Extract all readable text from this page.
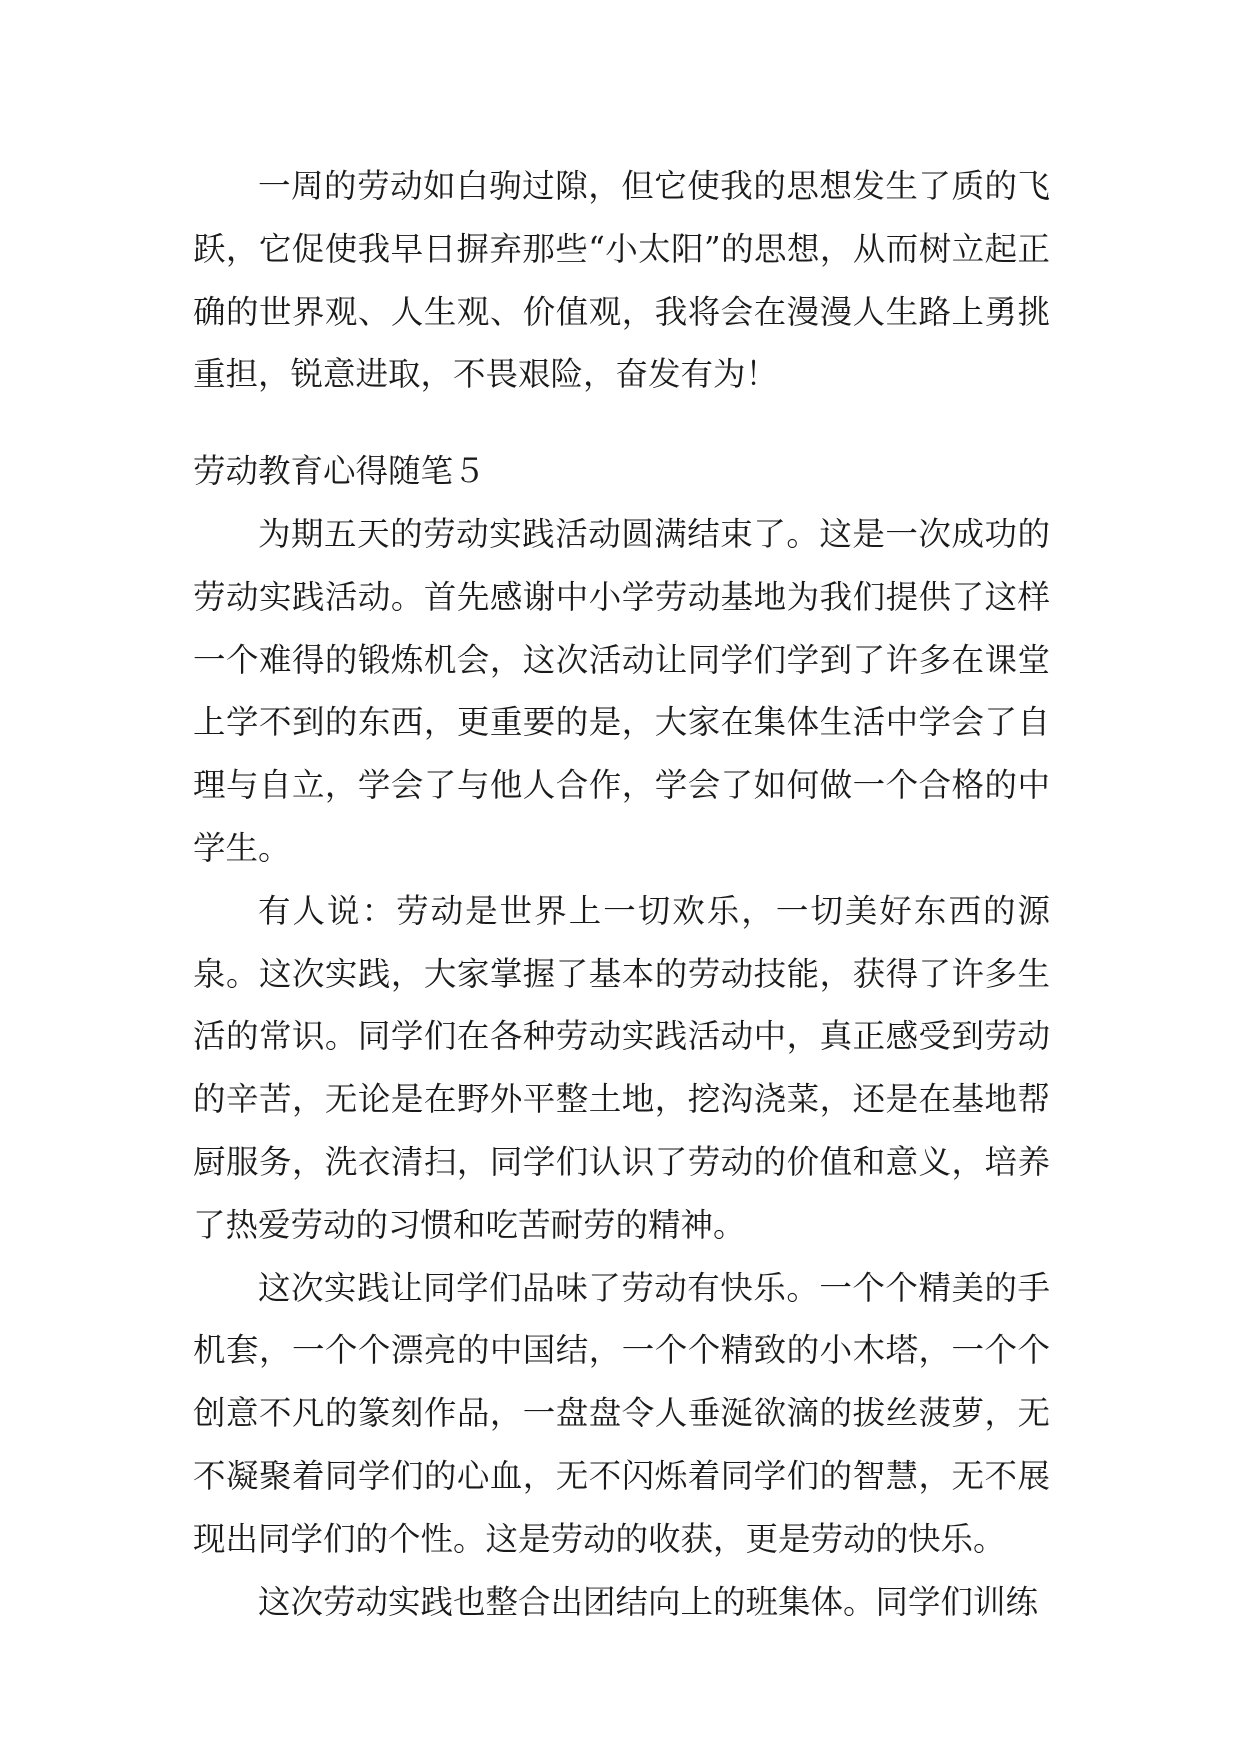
一周的劳动如白驹过隙，但它使我的思想发生了质的飞跃，它促使我早日摒弃那些“小太阳”的思想，从而树立起正确的世界观、人生观、价值观，我将会在漫漫人生路上勇挑重担，锐意进取，不畏艰险，奋发有为！

劳动教育心得随笔５

为期五天的劳动实践活动圆满结束了。这是一次成功的劳动实践活动。首先感谢中小学劳动基地为我们提供了这样一个难得的锻炼机会，这次活动让同学们学到了许多在课堂上学不到的东西，更重要的是，大家在集体生活中学会了自理与自立，学会了与他人合作，学会了如何做一个合格的中学生。

有人说：劳动是世界上一切欢乐，一切美好东西的源泉。这次实践，大家掌握了基本的劳动技能，获得了许多生活的常识。同学们在各种劳动实践活动中，真正感受到劳动的辛苦，无论是在野外平整土地，挖沟浇菜，还是在基地帮厨服务，洗衣清扫，同学们认识了劳动的价值和意义，培养了热爱劳动的习惯和吃苦耐劳的精神。

这次实践让同学们品味了劳动有快乐。一个个精美的手机套，一个个漂亮的中国结，一个个精致的小木塔，一个个创意不凡的篆刻作品，一盘盘令人垂涎欲滴的拔丝菠萝，无不凝聚着同学们的心血，无不闪烁着同学们的智慧，无不展现出同学们的个性。这是劳动的收获，更是劳动的快乐。

这次劳动实践也整合出团结向上的班集体。同学们训练
